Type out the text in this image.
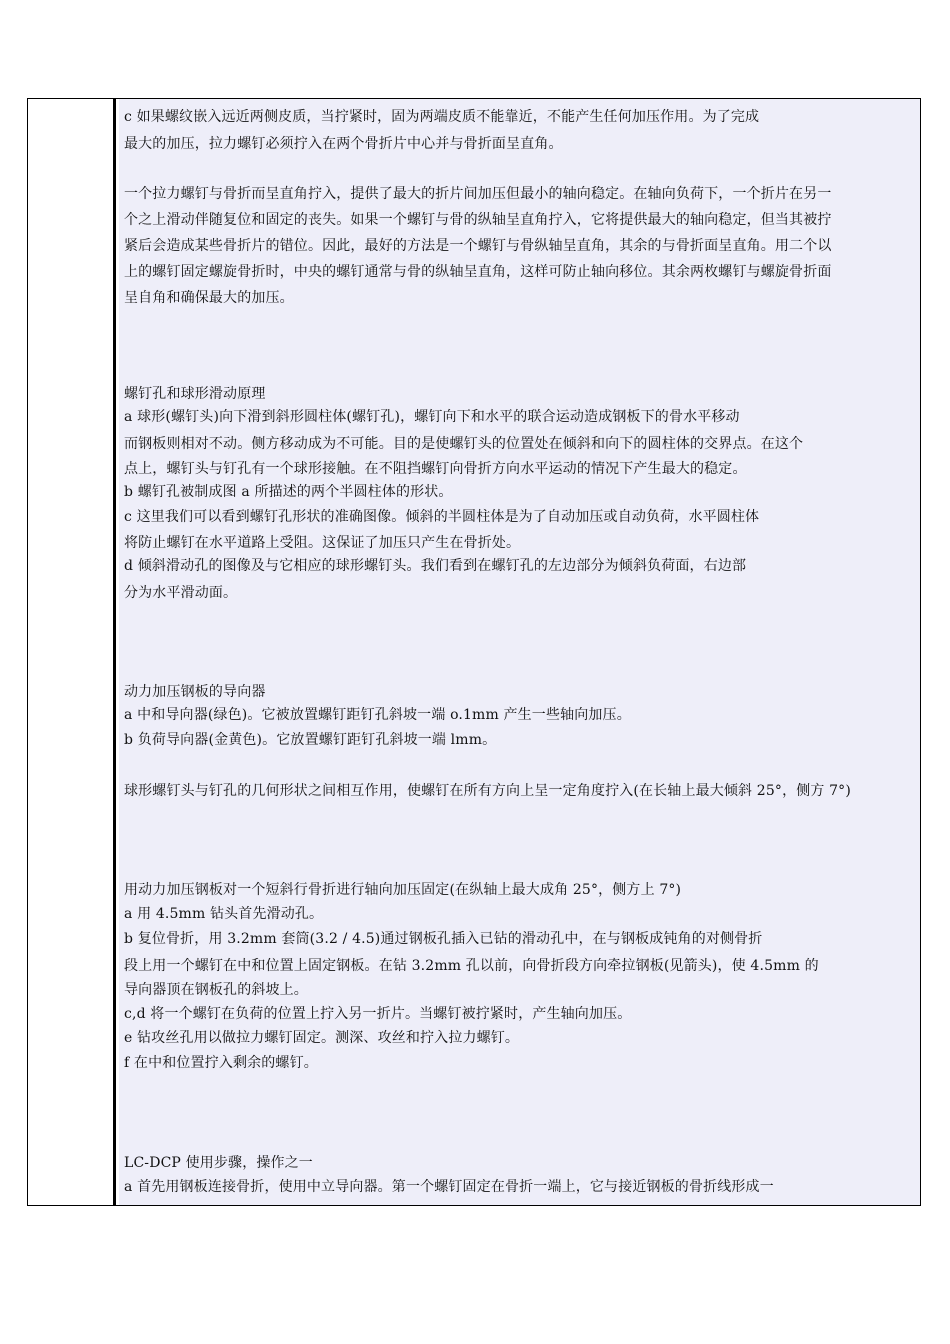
c 如果螺纹嵌入远近两侧皮质，当拧紧时，固为两端皮质不能靠近，不能产生任何加压作用。为了完成
最大的加压，拉力螺钉必须拧入在两个骨折片中心并与骨折面呈直角。
一个拉力螺钉与骨折而呈直角拧入，提供了最大的折片间加压但最小的轴向稳定。在轴向负荷下，一个折片在另一
个之上滑动伴随复位和固定的丧失。如果一个螺钉与骨的纵轴呈直角拧入，它将提供最大的轴向稳定，但当其被拧
紧后会造成某些骨折片的错位。因此，最好的方法是一个螺钉与骨纵轴呈直角，其余的与骨折面呈直角。用二个以
上的螺钉固定螺旋骨折时，中央的螺钉通常与骨的纵轴呈直角，这样可防止轴向移位。其余两枚螺钉与螺旋骨折面
呈自角和确保最大的加压。
螺钉孔和球形滑动原理
a 球形(螺钉头)向下滑到斜形圆柱体(螺钉孔)，螺钉向下和水平的联合运动造成钢板下的骨水平移动
而钢板则相对不动。侧方移动成为不可能。目的是使螺钉头的位置处在倾斜和向下的圆柱体的交界点。在这个
点上，螺钉头与钉孔有一个球形接触。在不阻挡螺钉向骨折方向水平运动的情况下产生最大的稳定。
b 螺钉孔被制成图 a 所描述的两个半圆柱体的形状。
c 这里我们可以看到螺钉孔形状的准确图像。倾斜的半圆柱体是为了自动加压或自动负荷，水平圆柱体
将防止螺钉在水平道路上受阻。这保证了加压只产生在骨折处。
d 倾斜滑动孔的图像及与它相应的球形螺钉头。我们看到在螺钉孔的左边部分为倾斜负荷面，右边部
分为水平滑动面。
动力加压钢板的导向器
a 中和导向器(绿色)。它被放置螺钉距钉孔斜坡一端 o.1mm 产生一些轴向加压。
b 负荷导向器(金黄色)。它放置螺钉距钉孔斜坡一端 lmm。
球形螺钉头与钉孔的几何形状之间相互作用，使螺钉在所有方向上呈一定角度拧入(在长轴上最大倾斜 25°，侧方 7°)
用动力加压钢板对一个短斜行骨折进行轴向加压固定(在纵轴上最大成角 25°，侧方上 7°)
a 用 4.5mm 钻头首先滑动孔。
b 复位骨折，用 3.2mm 套筒(3.2 / 4.5)通过钢板孔插入已钻的滑动孔中，在与钢板成钝角的对侧骨折
段上用一个螺钉在中和位置上固定钢板。在钻 3.2mm 孔以前，向骨折段方向牵拉钢板(见箭头)，使 4.5mm 的
导向器顶在钢板孔的斜坡上。
c,d 将一个螺钉在负荷的位置上拧入另一折片。当螺钉被拧紧时，产生轴向加压。
e 钻攻丝孔用以做拉力螺钉固定。测深、攻丝和拧入拉力螺钉。
f 在中和位置拧入剩余的螺钉。
LC-DCP 使用步骤，操作之一
a 首先用钢板连接骨折，使用中立导向器。第一个螺钉固定在骨折一端上，它与接近钢板的骨折线形成一
